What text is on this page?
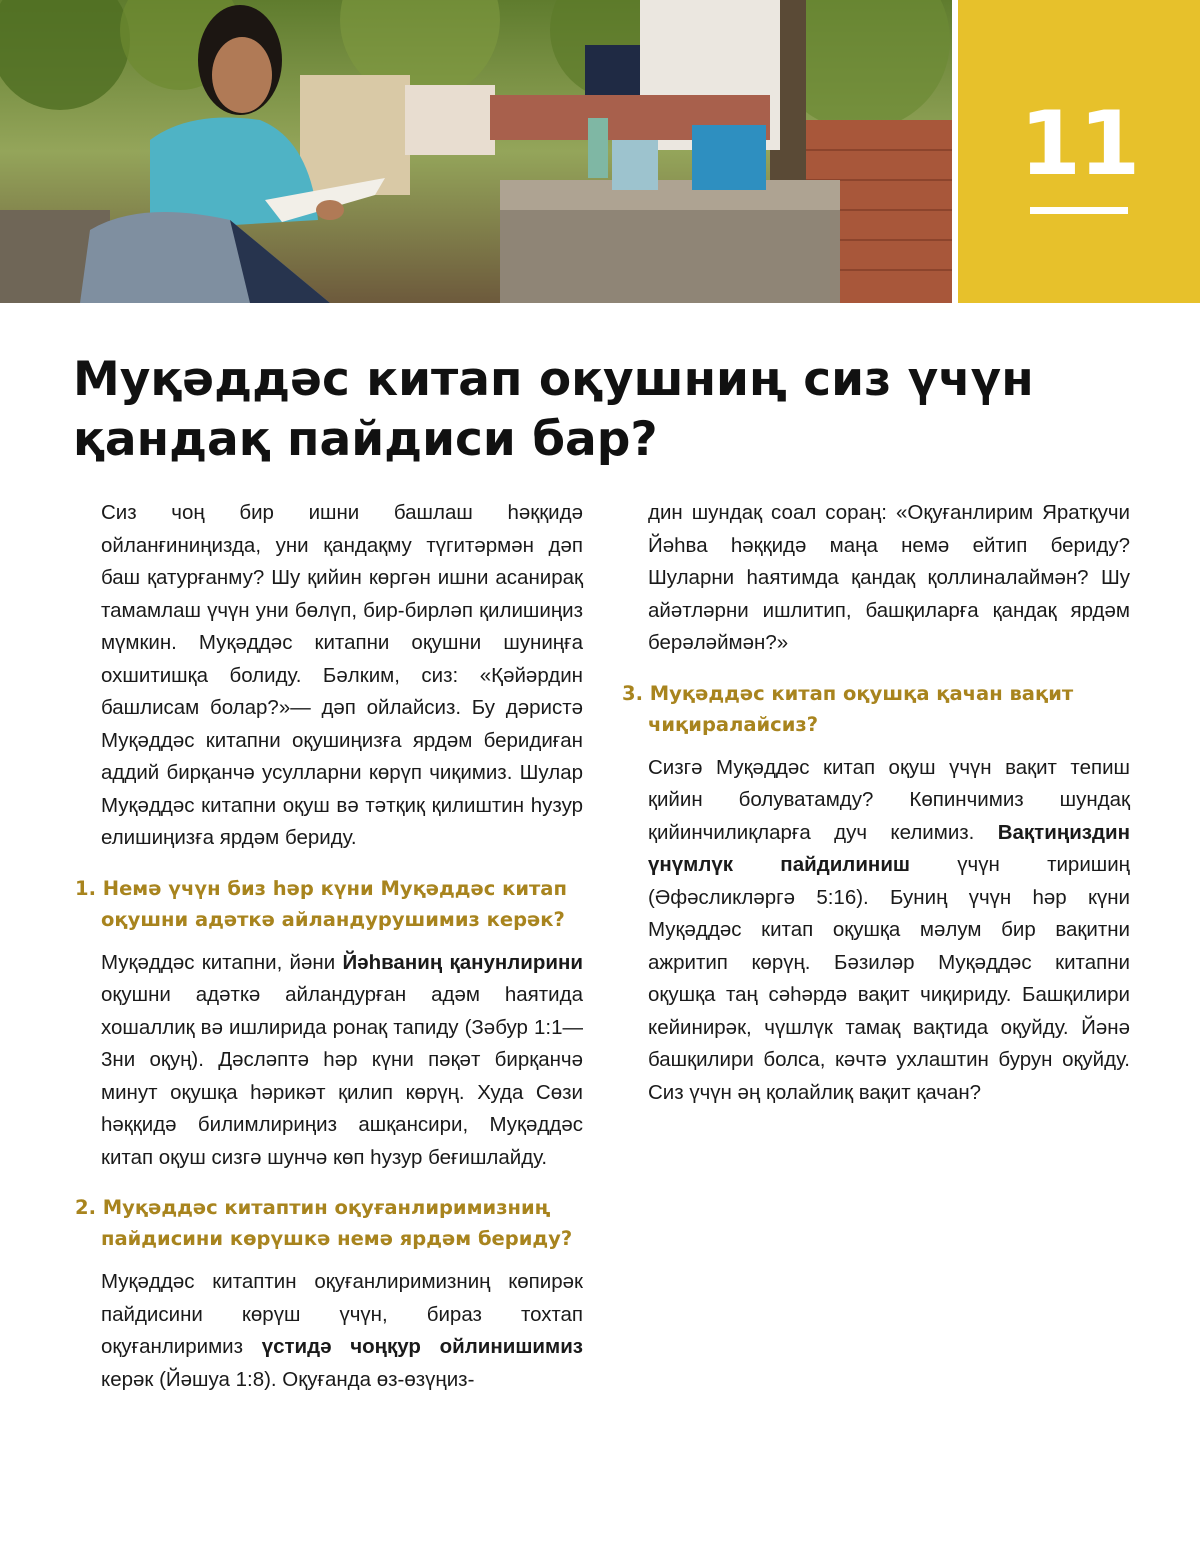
11
Муқәддәс китап оқушниң сиз үчүн қандақ пайдиси бар?

Сиз чоң бир ишни башлаш һәққидә ойланғиниңизда, уни қандақму түгитәрмән дәп баш қатурғанму? Шу қийин көргән ишни асанирақ тамамлаш үчүн уни бөлүп, бир-бирләп қилишиңиз мүмкин. Муқәддәс китапни оқушни шуниңға охшитишқа болиду. Бәлким, сиз: «Қәйәрдин башлисам болар?»— дәп ойлайсиз. Бу дәристә Муқәддәс китапни оқушиңизға ярдәм беридиған аддий бирқанчә усулларни көрүп чиқимиз. Шулар Муқәддәс китапни оқуш вә тәтқиқ қилиштин һузур елишиңизға ярдәм бериду.

1. Немә үчүн биз һәр күни Муқәддәс китап оқушни адәткә айландурушимиз керәк?

Муқәддәс китапни, йәни Йәһваниң қанунлирини оқушни адәткә айландурған адәм һаятида хошаллиқ вә ишлирида ронақ тапиду (Зәбур 1:1—3ни оқуң). Дәсләптә һәр күни пәқәт бирқанчә минут оқушқа һәрикәт қилип көрүң. Худа Сөзи һәққидә билимлириңиз ашқансири, Муқәддәс китап оқуш сизгә шунчә көп һузур беғишлайду.

2. Муқәддәс китаптин оқуғанлиримизниң пайдисини көрүшкә немә ярдәм бериду?

Муқәддәс китаптин оқуғанлиримизниң көпирәк пайдисини көрүш үчүн, бираз тохтап оқуғанлиримиз үстидә чоңқур ойлинишимиз керәк (Йәшуа 1:8). Оқуғанда өз-өзүңиз-

дин шундақ соал сораң: «Оқуғанлирим Яратқучи Йәһва һәққидә маңа немә ейтип бериду? Шуларни һаятимда қандақ қоллиналаймән? Шу айәтләрни ишлитип, башқиларға қандақ ярдәм берәләймән?»

3. Муқәддәс китап оқушқа қачан вақит чиқиралайсиз?

Сизгә Муқәддәс китап оқуш үчүн вақит тепиш қийин болуватамду? Көпинчимиз шундақ қийинчилиқларға дуч келимиз. Вақтиңиздин үнүмлүк пайдилиниш үчүн тиришиң (Әфәсликләргә 5:16). Буниң үчүн һәр күни Муқәддәс китап оқушқа мәлум бир вақитни ажритип көрүң. Бәзиләр Муқәддәс китапни оқушқа таң сәһәрдә вақит чиқириду. Башқилири кейинирәк, чүшлүк тамақ вақтида оқуйду. Йәнә башқилири болса, кәчтә ухлаштин бурун оқуйду. Сиз үчүн әң қолайлиқ вақит қачан?
